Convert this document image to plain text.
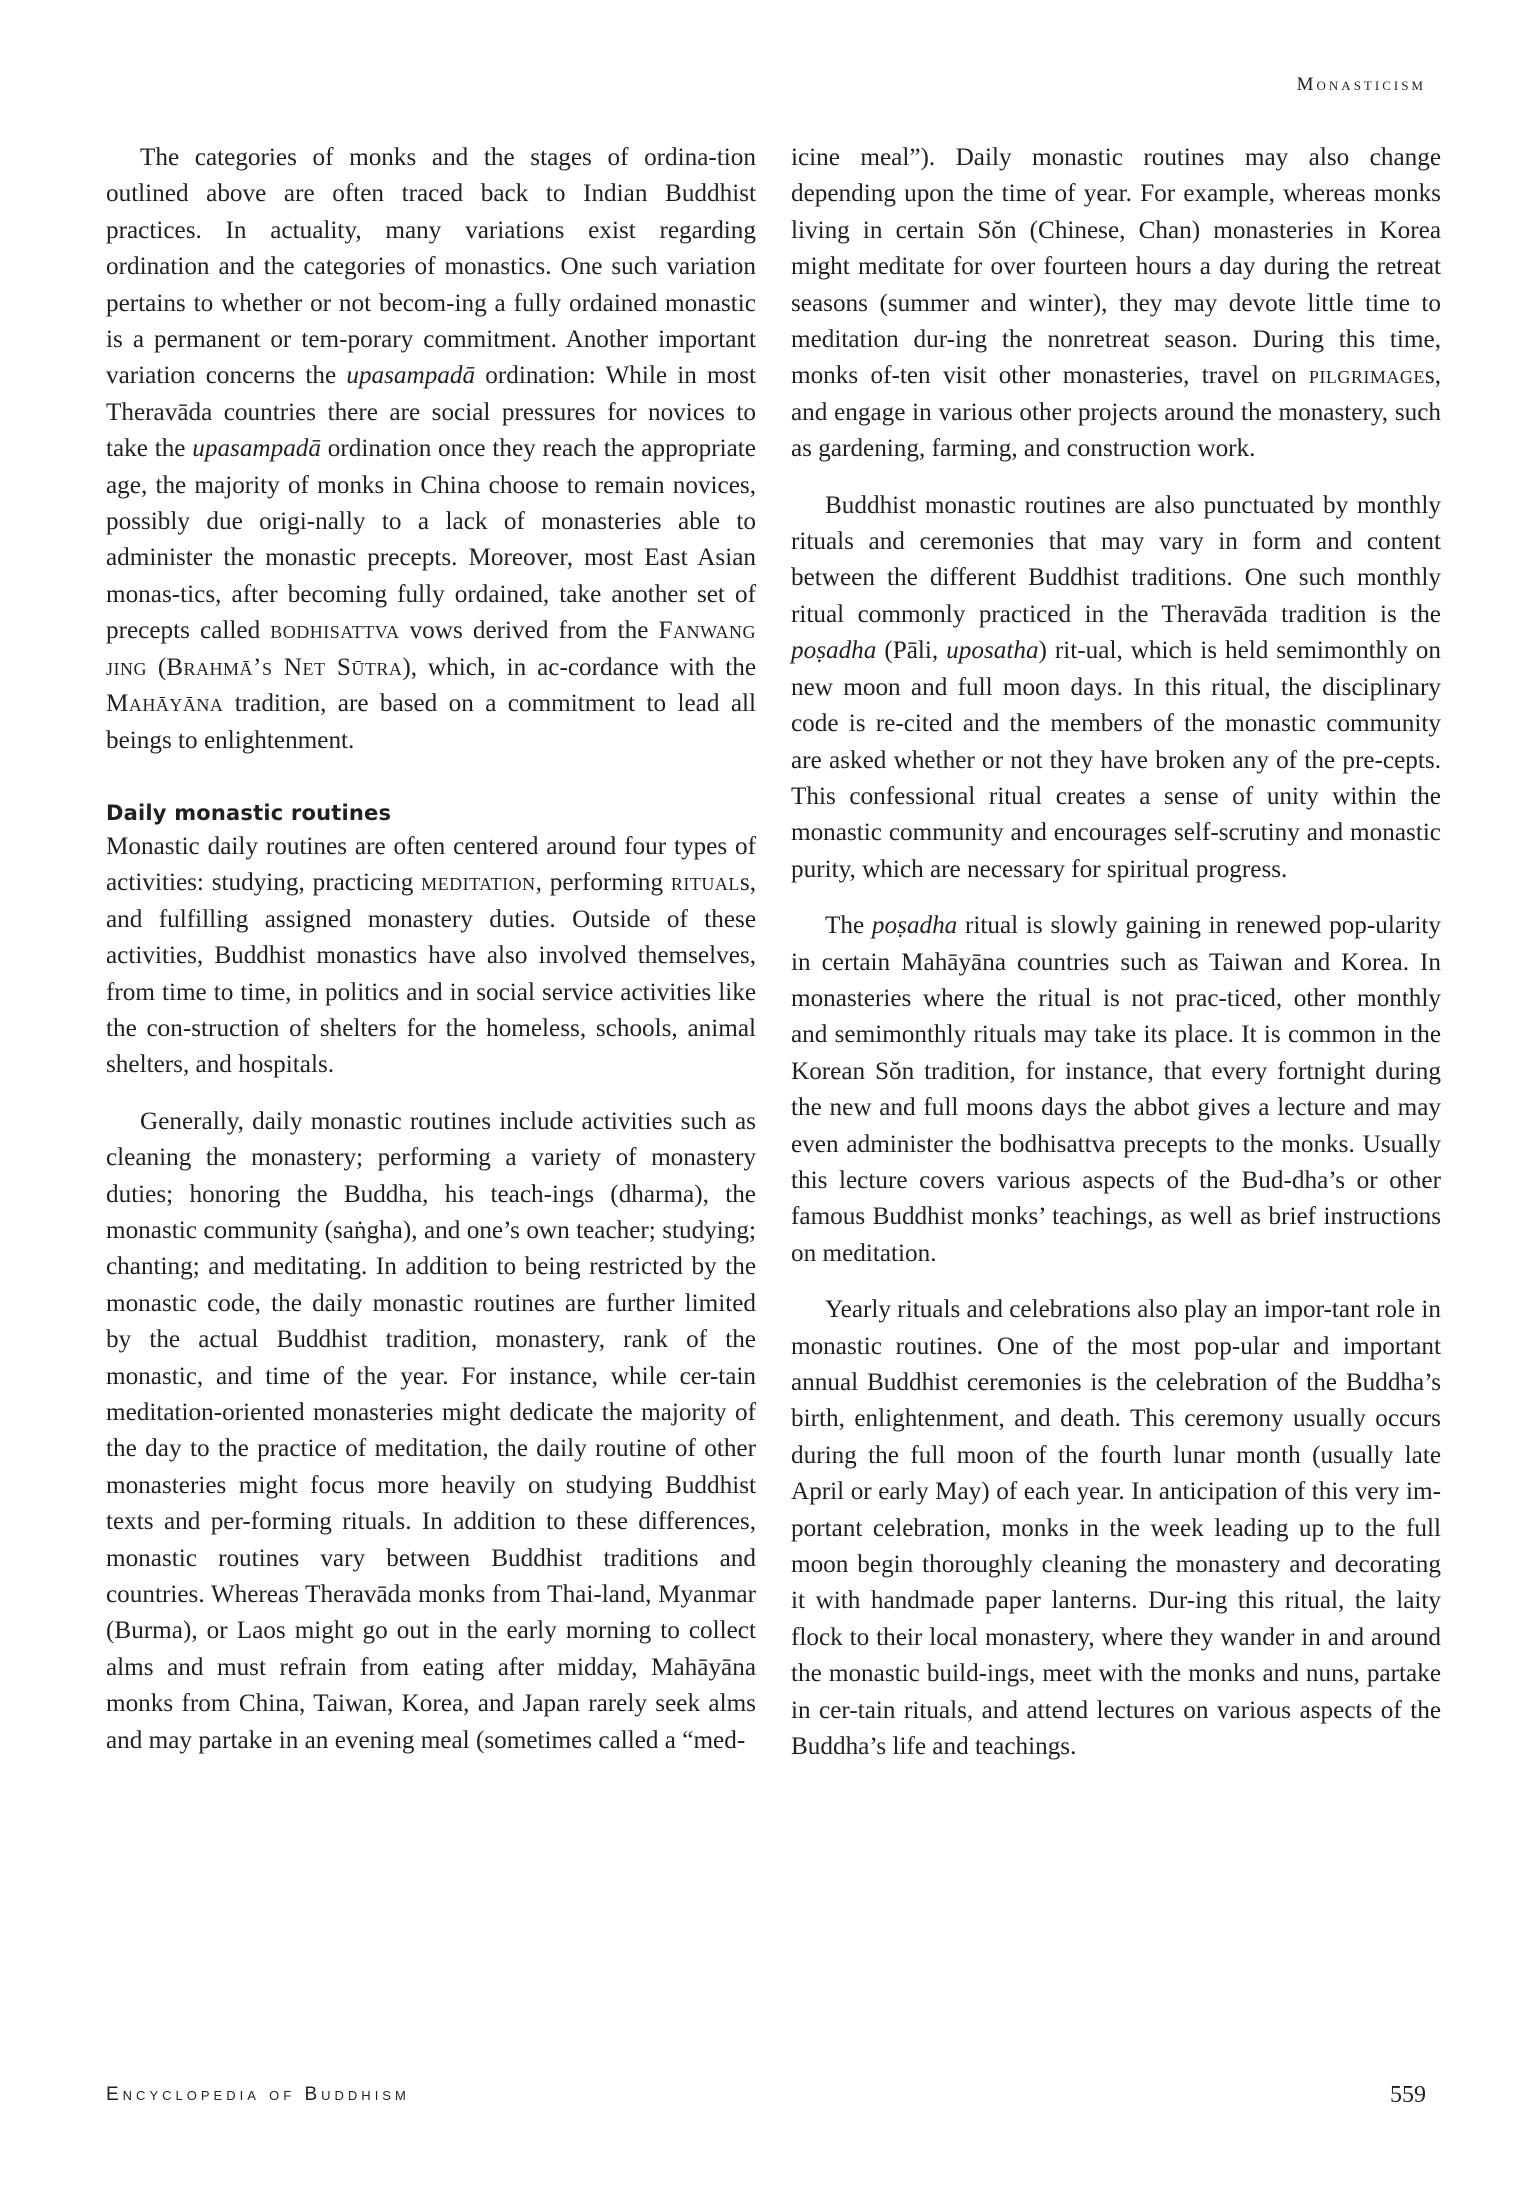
Monasticism

The categories of monks and the stages of ordina-tion outlined above are often traced back to Indian Buddhist practices. In actuality, many variations exist regarding ordination and the categories of monastics. One such variation pertains to whether or not becom-ing a fully ordained monastic is a permanent or tem-porary commitment. Another important variation concerns the upasampadā ordination: While in most Theravāda countries there are social pressures for novices to take the upasampadā ordination once they reach the appropriate age, the majority of monks in China choose to remain novices, possibly due origi-nally to a lack of monasteries able to administer the monastic precepts. Moreover, most East Asian monas-tics, after becoming fully ordained, take another set of precepts called bodhisattva vows derived from the Fanwang jing (Brahmā’s Net Sūtra), which, in ac-cordance with the Mahāyāna tradition, are based on a commitment to lead all beings to enlightenment.

Daily monastic routines

Monastic daily routines are often centered around four types of activities: studying, practicing meditation, performing rituals, and fulfilling assigned monastery duties. Outside of these activities, Buddhist monastics have also involved themselves, from time to time, in politics and in social service activities like the con-struction of shelters for the homeless, schools, animal shelters, and hospitals.

Generally, daily monastic routines include activities such as cleaning the monastery; performing a variety of monastery duties; honoring the Buddha, his teach-ings (dharma), the monastic community (saṅgha), and one’s own teacher; studying; chanting; and meditating. In addition to being restricted by the monastic code, the daily monastic routines are further limited by the actual Buddhist tradition, monastery, rank of the monastic, and time of the year. For instance, while cer-tain meditation-oriented monasteries might dedicate the majority of the day to the practice of meditation, the daily routine of other monasteries might focus more heavily on studying Buddhist texts and per-forming rituals. In addition to these differences, monastic routines vary between Buddhist traditions and countries. Whereas Theravāda monks from Thai-land, Myanmar (Burma), or Laos might go out in the early morning to collect alms and must refrain from eating after midday, Mahāyāna monks from China, Taiwan, Korea, and Japan rarely seek alms and may partake in an evening meal (sometimes called a “med-

icine meal”). Daily monastic routines may also change depending upon the time of year. For example, whereas monks living in certain Sŏn (Chinese, Chan) monasteries in Korea might meditate for over fourteen hours a day during the retreat seasons (summer and winter), they may devote little time to meditation dur-ing the nonretreat season. During this time, monks of-ten visit other monasteries, travel on pilgrimages, and engage in various other projects around the monastery, such as gardening, farming, and construction work.

Buddhist monastic routines are also punctuated by monthly rituals and ceremonies that may vary in form and content between the different Buddhist traditions. One such monthly ritual commonly practiced in the Theravāda tradition is the poṣadha (Pāli, uposatha) rit-ual, which is held semimonthly on new moon and full moon days. In this ritual, the disciplinary code is re-cited and the members of the monastic community are asked whether or not they have broken any of the pre-cepts. This confessional ritual creates a sense of unity within the monastic community and encourages self-scrutiny and monastic purity, which are necessary for spiritual progress.

The poṣadha ritual is slowly gaining in renewed pop-ularity in certain Mahāyāna countries such as Taiwan and Korea. In monasteries where the ritual is not prac-ticed, other monthly and semimonthly rituals may take its place. It is common in the Korean Sŏn tradition, for instance, that every fortnight during the new and full moons days the abbot gives a lecture and may even administer the bodhisattva precepts to the monks. Usually this lecture covers various aspects of the Bud-dha’s or other famous Buddhist monks’ teachings, as well as brief instructions on meditation.

Yearly rituals and celebrations also play an impor-tant role in monastic routines. One of the most pop-ular and important annual Buddhist ceremonies is the celebration of the Buddha’s birth, enlightenment, and death. This ceremony usually occurs during the full moon of the fourth lunar month (usually late April or early May) of each year. In anticipation of this very im-portant celebration, monks in the week leading up to the full moon begin thoroughly cleaning the monastery and decorating it with handmade paper lanterns. Dur-ing this ritual, the laity flock to their local monastery, where they wander in and around the monastic build-ings, meet with the monks and nuns, partake in cer-tain rituals, and attend lectures on various aspects of the Buddha’s life and teachings.

Encyclopedia of Buddhism	559
